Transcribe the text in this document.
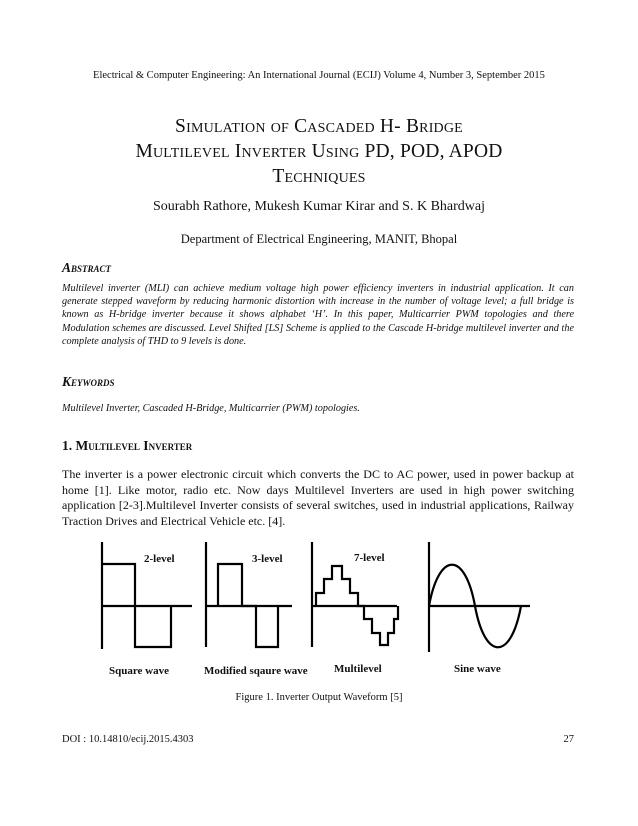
Electrical & Computer Engineering: An International Journal (ECIJ) Volume 4, Number 3, September 2015
Simulation of Cascaded H- Bridge
Multilevel Inverter Using PD, POD, APOD
Techniques
Sourabh Rathore, Mukesh Kumar Kirar and S. K Bhardwaj
Department of Electrical Engineering, MANIT, Bhopal
Abstract
Multilevel inverter (MLI) can achieve medium voltage high power efficiency inverters in industrial application. It can generate stepped waveform by reducing harmonic distortion with increase in the number of voltage level; a full bridge is known as H-bridge inverter because it shows alphabet ‘H’. In this paper, Multicarrier PWM topologies and there Modulation schemes are discussed. Level Shifted [LS] Scheme is applied to the Cascade H-bridge multilevel inverter and the complete analysis of THD to 9 levels is done.
Keywords
Multilevel Inverter, Cascaded H-Bridge, Multicarrier (PWM) topologies.
1. Multilevel Inverter
The inverter is a power electronic circuit which converts the DC to AC power, used in power backup at home [1]. Like motor, radio etc. Now days Multilevel Inverters are used in high power switching application [2-3].Multilevel Inverter consists of several switches, used in industrial applications, Railway Traction Drives and Electrical Vehicle etc. [4].
2-level	3-level	7-level
Square wave	Modified sqaure wave Multilevel	Sine wave
Figure 1. Inverter Output Waveform [5]
DOI : 10.14810/ecij.2015.4303	27
